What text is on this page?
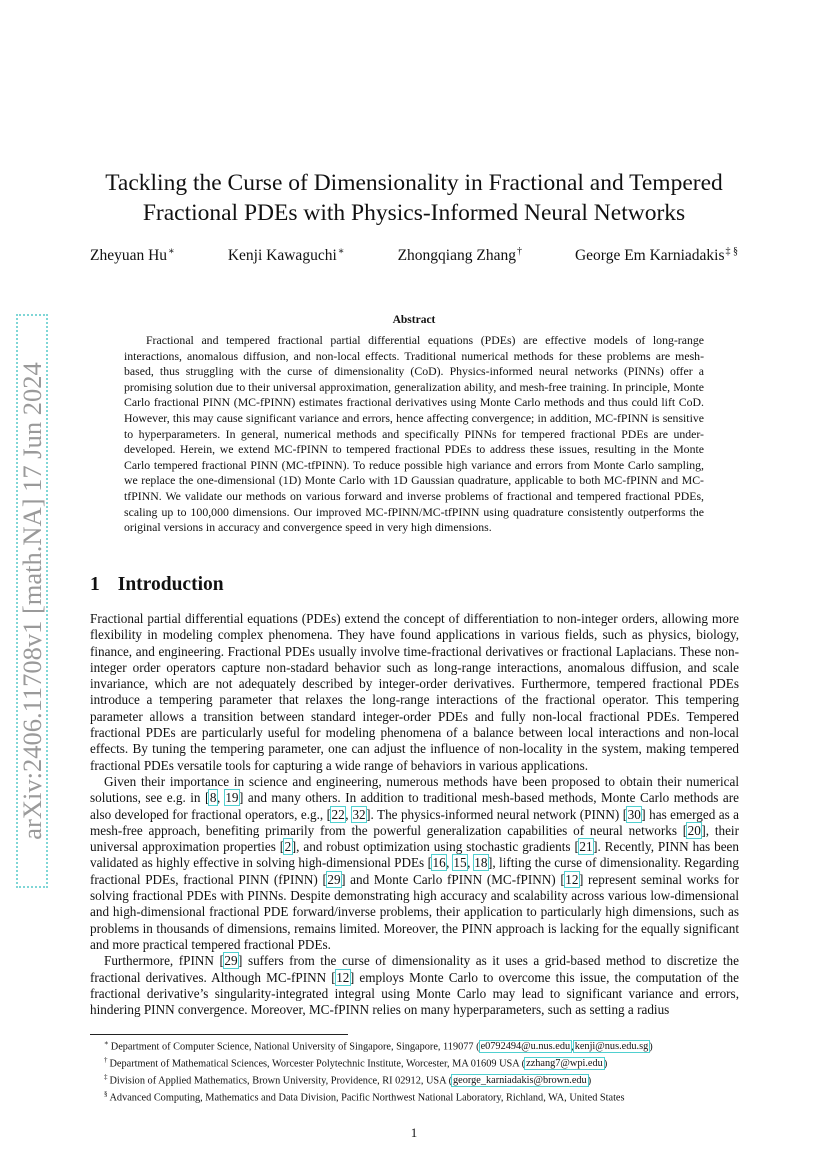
arXiv:2406.11708v1 [math.NA] 17 Jun 2024
Tackling the Curse of Dimensionality in Fractional and Tempered Fractional PDEs with Physics-Informed Neural Networks
Zheyuan Hu∗	Kenji Kawaguchi∗	Zhongqiang Zhang†	George Em Karniadakis‡ §
Abstract

Fractional and tempered fractional partial differential equations (PDEs) are effective models of long-range interactions, anomalous diffusion, and non-local effects. Traditional numerical methods for these problems are mesh-based, thus struggling with the curse of dimensionality (CoD). Physics-informed neural networks (PINNs) offer a promising solution due to their universal approximation, generalization ability, and mesh-free training. In principle, Monte Carlo fractional PINN (MC-fPINN) estimates fractional derivatives using Monte Carlo methods and thus could lift CoD. However, this may cause significant variance and errors, hence affecting convergence; in addition, MC-fPINN is sensitive to hyperparameters. In general, numerical methods and specifically PINNs for tempered fractional PDEs are under-developed. Herein, we extend MC-fPINN to tempered fractional PDEs to address these issues, resulting in the Monte Carlo tempered fractional PINN (MC-tfPINN). To reduce possible high variance and errors from Monte Carlo sampling, we replace the one-dimensional (1D) Monte Carlo with 1D Gaussian quadrature, applicable to both MC-fPINN and MC-tfPINN. We validate our methods on various forward and inverse problems of fractional and tempered fractional PDEs, scaling up to 100,000 dimensions. Our improved MC-fPINN/MC-tfPINN using quadrature consistently outperforms the original versions in accuracy and convergence speed in very high dimensions.

1 Introduction

Fractional partial differential equations (PDEs) extend the concept of differentiation to non-integer orders, allowing more flexibility in modeling complex phenomena. They have found applications in various fields, such as physics, biology, finance, and engineering. Fractional PDEs usually involve time-fractional derivatives or fractional Laplacians. These non-integer order operators capture non-stadard behavior such as long-range interactions, anomalous diffusion, and scale invariance, which are not adequately described by integer-order derivatives. Furthermore, tempered fractional PDEs introduce a tempering parameter that relaxes the long-range interactions of the fractional operator. This tempering parameter allows a transition between standard integer-order PDEs and fully non-local fractional PDEs. Tempered fractional PDEs are particularly useful for modeling phenomena of a balance between local interactions and non-local effects. By tuning the tempering parameter, one can adjust the influence of non-locality in the system, making tempered fractional PDEs versatile tools for capturing a wide range of behaviors in various applications.

Given their importance in science and engineering, numerous methods have been proposed to obtain their numerical solutions, see e.g. in [8, 19] and many others. In addition to traditional mesh-based methods, Monte Carlo methods are also developed for fractional operators, e.g., [22, 32]. The physics-informed neural network (PINN) [30] has emerged as a mesh-free approach, benefiting primarily from the powerful generalization capabilities of neural networks [20], their universal approximation properties [2], and robust optimization using stochastic gradients [21]. Recently, PINN has been validated as highly effective in solving high-dimensional PDEs [16, 15, 18], lifting the curse of dimensionality. Regarding fractional PDEs, fractional PINN (fPINN) [29] and Monte Carlo fPINN (MC-fPINN) [12] represent seminal works for solving fractional PDEs with PINNs. Despite demonstrating high accuracy and scalability across various low-dimensional and high-dimensional fractional PDE forward/inverse problems, their application to particularly high dimensions, such as problems in thousands of dimensions, remains limited. Moreover, the PINN approach is lacking for the equally significant and more practical tempered fractional PDEs.

Furthermore, fPINN [29] suffers from the curse of dimensionality as it uses a grid-based method to discretize the fractional derivatives. Although MC-fPINN [12] employs Monte Carlo to overcome this issue, the computation of the fractional derivative’s singularity-integrated integral using Monte Carlo may lead to significant variance and errors, hindering PINN convergence. Moreover, MC-fPINN relies on many hyperparameters, such as setting a radius

∗ Department of Computer Science, National University of Singapore, Singapore, 119077 (e0792494@u.nus.edu,kenji@nus.edu.sg)
† Department of Mathematical Sciences, Worcester Polytechnic Institute, Worcester, MA 01609 USA (zzhang7@wpi.edu)
‡ Division of Applied Mathematics, Brown University, Providence, RI 02912, USA (george_karniadakis@brown.edu)
§ Advanced Computing, Mathematics and Data Division, Pacific Northwest National Laboratory, Richland, WA, United States
1
